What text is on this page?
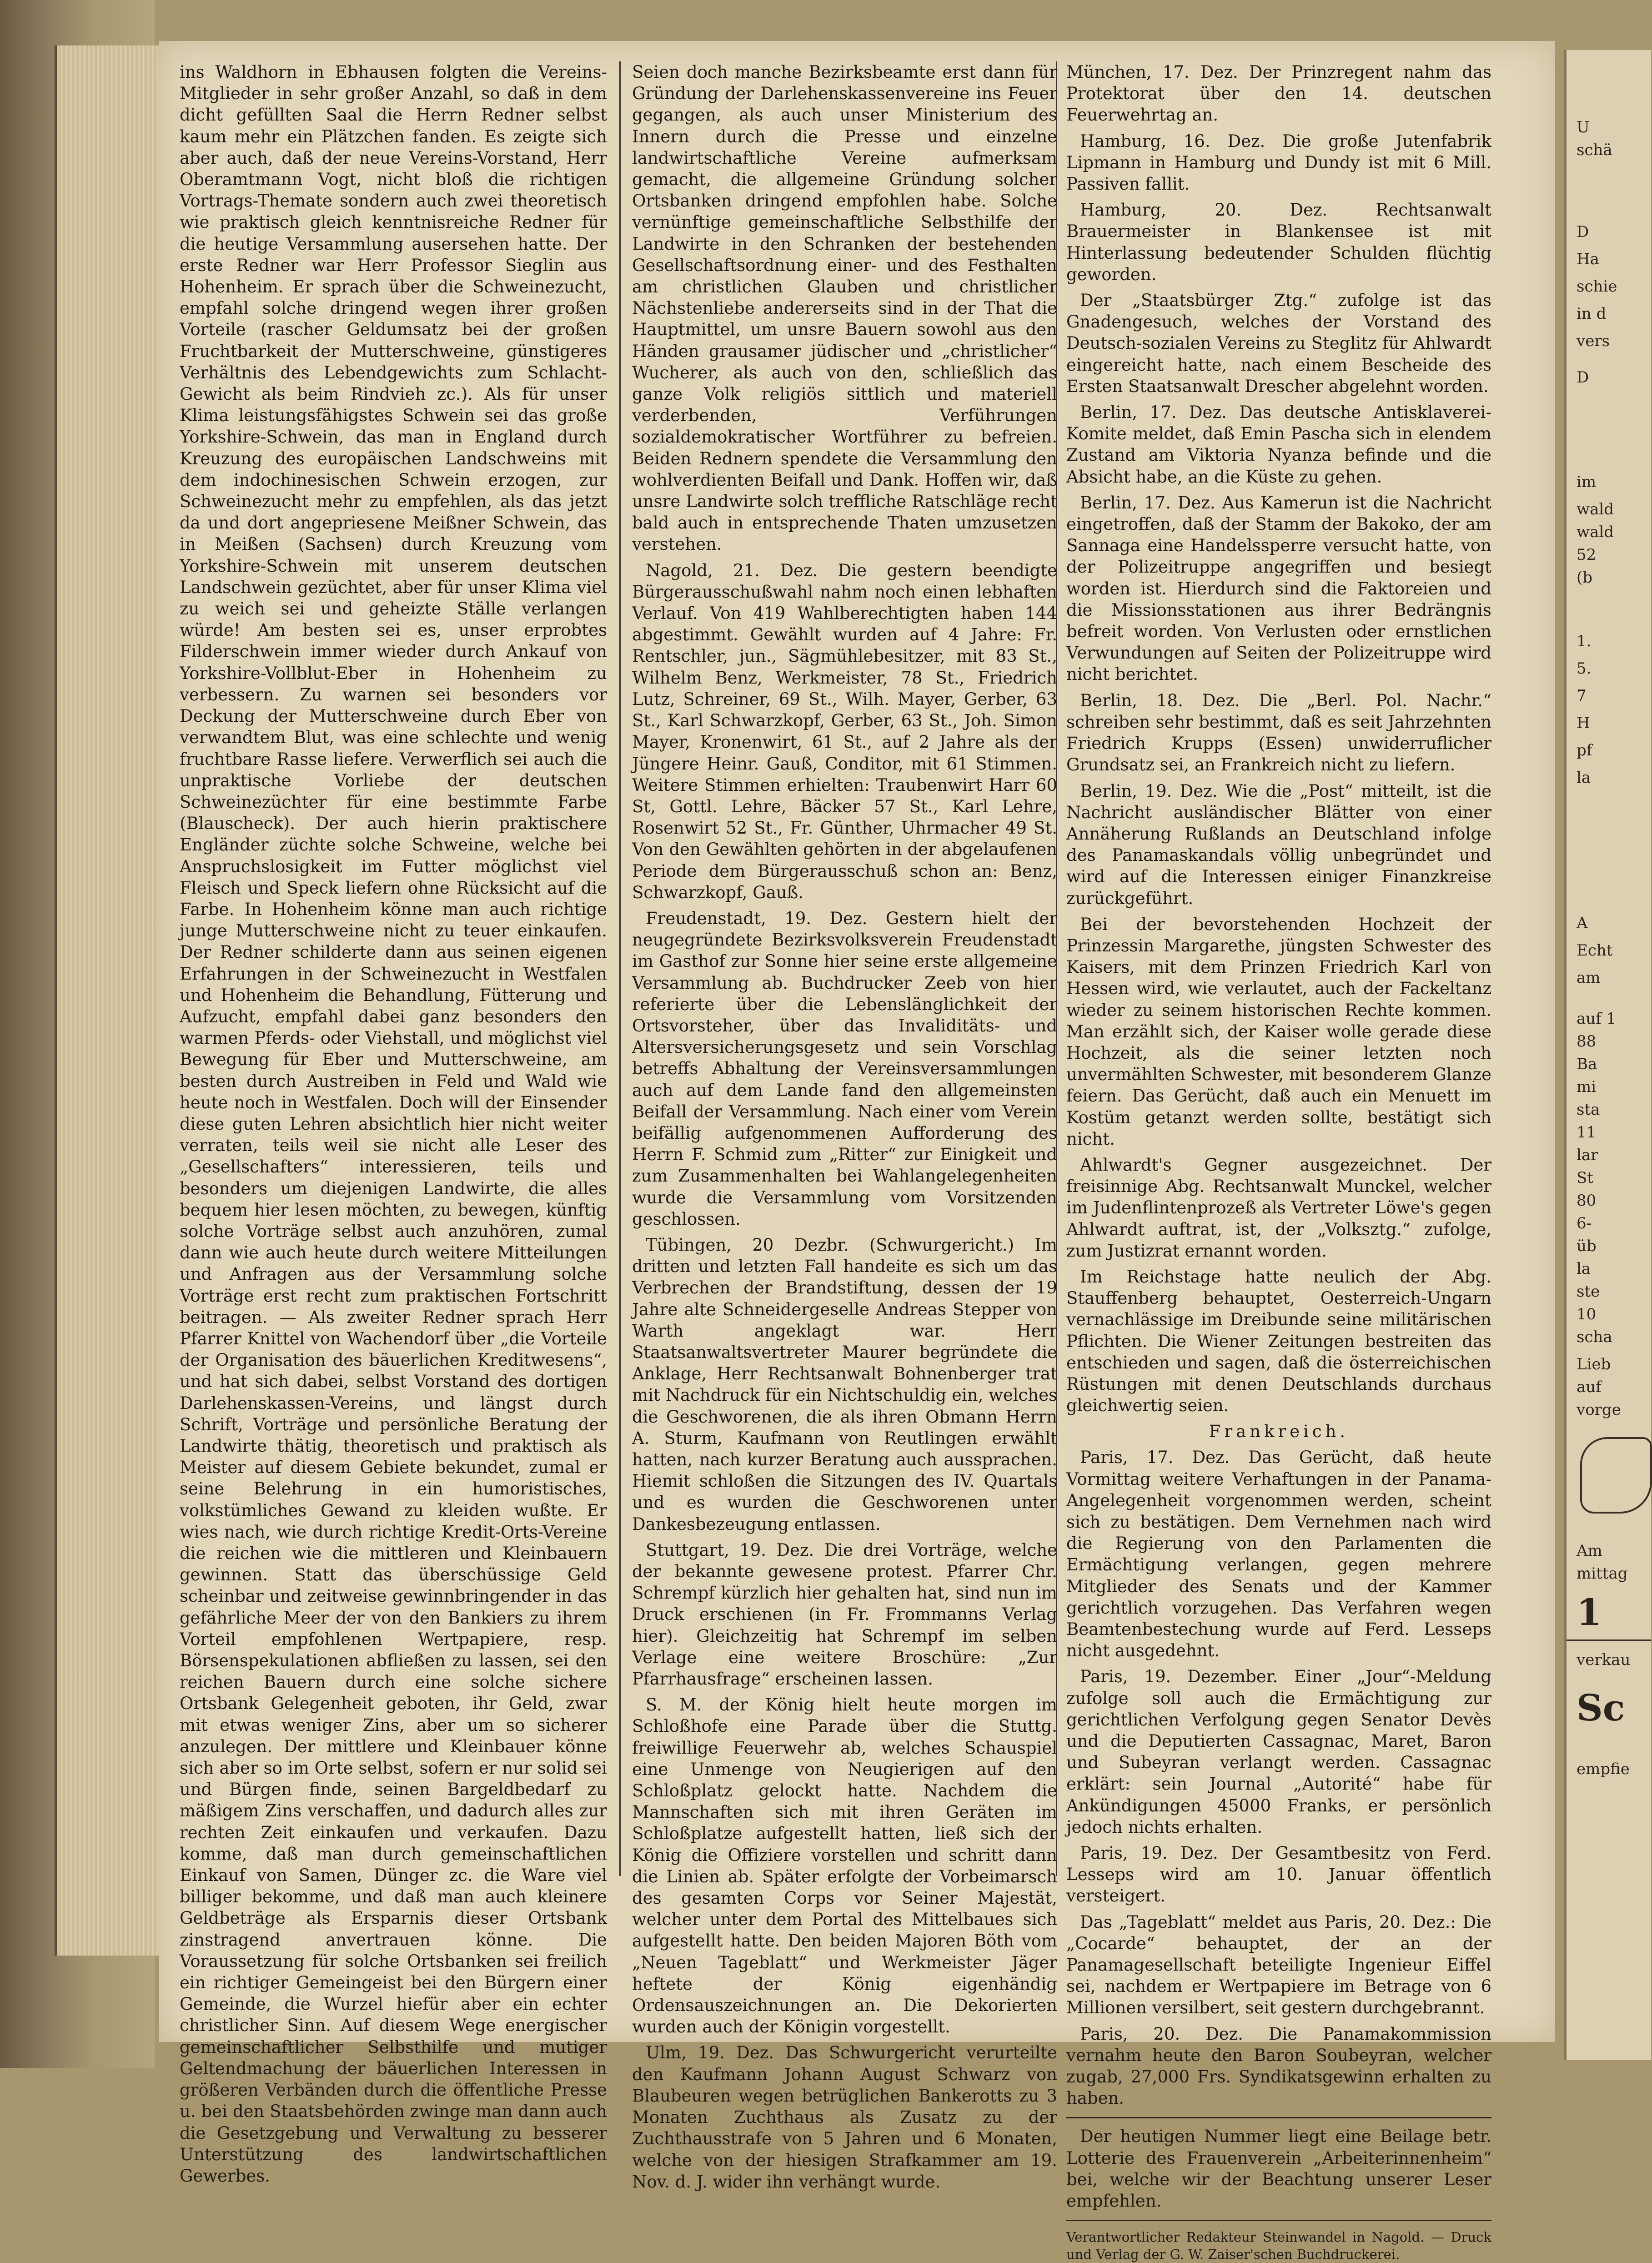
ins Waldhorn in Ebhausen folgten die Vereins-Mitglieder in sehr großer Anzahl, so daß in dem dicht gefüllten Saal die Herrn Redner selbst kaum mehr ein Plätzchen fanden. Es zeigte sich aber auch, daß der neue Vereins-Vorstand, Herr Oberamtmann Vogt, nicht bloß die richtigen Vortrags-Themate sondern auch zwei theoretisch wie praktisch gleich kenntnisreiche Redner für die heutige Versammlung ausersehen hatte. Der erste Redner war Herr Professor Sieglin aus Hohenheim. Er sprach über die Schweinezucht, empfahl solche dringend wegen ihrer großen Vorteile (rascher Geldumsatz bei der großen Fruchtbarkeit der Mutterschweine, günstigeres Verhältnis des Lebendgewichts zum Schlacht-Gewicht als beim Rindvieh zc.). Als für unser Klima leistungsfähigstes Schwein sei das große Yorkshire-Schwein, das man in England durch Kreuzung des europäischen Landschweins mit dem indochinesischen Schwein erzogen, zur Schweinezucht mehr zu empfehlen, als das jetzt da und dort angepriesene Meißner Schwein, das in Meißen (Sachsen) durch Kreuzung vom Yorkshire-Schwein mit unserem deutschen Landschwein gezüchtet, aber für unser Klima viel zu weich sei und geheizte Ställe verlangen würde! Am besten sei es, unser erprobtes Filderschwein immer wieder durch Ankauf von Yorkshire-Vollblut-Eber in Hohenheim zu verbessern. Zu warnen sei besonders vor Deckung der Mutterschweine durch Eber von verwandtem Blut, was eine schlechte und wenig fruchtbare Rasse liefere. Verwerflich sei auch die unpraktische Vorliebe der deutschen Schweinezüchter für eine bestimmte Farbe (Blauscheck). Der auch hierin praktischere Engländer züchte solche Schweine, welche bei Anspruchslosigkeit im Futter möglichst viel Fleisch und Speck liefern ohne Rücksicht auf die Farbe. In Hohenheim könne man auch richtige junge Mutterschweine nicht zu teuer einkaufen. Der Redner schilderte dann aus seinen eigenen Erfahrungen in der Schweinezucht in Westfalen und Hohenheim die Behandlung, Fütterung und Aufzucht, empfahl dabei ganz besonders den warmen Pferds- oder Viehstall, und möglichst viel Bewegung für Eber und Mutterschweine, am besten durch Austreiben in Feld und Wald wie heute noch in Westfalen. Doch will der Einsender diese guten Lehren absichtlich hier nicht weiter verraten, teils weil sie nicht alle Leser des „Gesellschafters“ interessieren, teils und besonders um diejenigen Landwirte, die alles bequem hier lesen möchten, zu bewegen, künftig solche Vorträge selbst auch anzuhören, zumal dann wie auch heute durch weitere Mitteilungen und Anfragen aus der Versammlung solche Vorträge erst recht zum praktischen Fortschritt beitragen. — Als zweiter Redner sprach Herr Pfarrer Knittel von Wachendorf über „die Vorteile der Organisation des bäuerlichen Kreditwesens“, und hat sich dabei, selbst Vorstand des dortigen Darlehenskassen-Vereins, und längst durch Schrift, Vorträge und persönliche Beratung der Landwirte thätig, theoretisch und praktisch als Meister auf diesem Gebiete bekundet, zumal er seine Belehrung in ein humoristisches, volkstümliches Gewand zu kleiden wußte. Er wies nach, wie durch richtige Kredit-Orts-Vereine die reichen wie die mittleren und Kleinbauern gewinnen. Statt das überschüssige Geld scheinbar und zeitweise gewinnbringender in das gefährliche Meer der von den Bankiers zu ihrem Vorteil empfohlenen Wertpapiere, resp. Börsenspekulationen abfließen zu lassen, sei den reichen Bauern durch eine solche sichere Ortsbank Gelegenheit geboten, ihr Geld, zwar mit etwas weniger Zins, aber um so sicherer anzulegen. Der mittlere und Kleinbauer könne sich aber so im Orte selbst, sofern er nur solid sei und Bürgen finde, seinen Bargeldbedarf zu mäßigem Zins verschaffen, und dadurch alles zur rechten Zeit einkaufen und verkaufen. Dazu komme, daß man durch gemeinschaftlichen Einkauf von Samen, Dünger zc. die Ware viel billiger bekomme, und daß man auch kleinere Geldbeträge als Ersparnis dieser Ortsbank zinstragend anvertrauen könne. Die Voraussetzung für solche Ortsbanken sei freilich ein richtiger Gemeingeist bei den Bürgern einer Gemeinde, die Wurzel hiefür aber ein echter christlicher Sinn. Auf diesem Wege energischer gemeinschaftlicher Selbsthilfe und mutiger Geltendmachung der bäuerlichen Interessen in größeren Verbänden durch die öffentliche Presse u. bei den Staatsbehörden zwinge man dann auch die Gesetzgebung und Verwaltung zu besserer Unterstützung des landwirtschaftlichen Gewerbes.

Seien doch manche Bezirksbeamte erst dann für Gründung der Darlehenskassenvereine ins Feuer gegangen, als auch unser Ministerium des Innern durch die Presse und einzelne landwirtschaftliche Vereine aufmerksam gemacht, die allgemeine Gründung solcher Ortsbanken dringend empfohlen habe. Solche vernünftige gemeinschaftliche Selbsthilfe der Landwirte in den Schranken der bestehenden Gesellschaftsordnung einer- und des Festhalten am christlichen Glauben und christlicher Nächstenliebe andererseits sind in der That die Hauptmittel, um unsre Bauern sowohl aus den Händen grausamer jüdischer und „christlicher“ Wucherer, als auch von den, schließlich das ganze Volk religiös sittlich und materiell verderbenden, Verführungen sozialdemokratischer Wortführer zu befreien. Beiden Rednern spendete die Versammlung den wohlverdienten Beifall und Dank. Hoffen wir, daß unsre Landwirte solch treffliche Ratschläge recht bald auch in entsprechende Thaten umzusetzen verstehen.

Nagold, 21. Dez. Die gestern beendigte Bürgerausschußwahl nahm noch einen lebhaften Verlauf. Von 419 Wahlberechtigten haben 144 abgestimmt. Gewählt wurden auf 4 Jahre: Fr. Rentschler, jun., Sägmühlebesitzer, mit 83 St., Wilhelm Benz, Werkmeister, 78 St., Friedrich Lutz, Schreiner, 69 St., Wilh. Mayer, Gerber, 63 St., Karl Schwarzkopf, Gerber, 63 St., Joh. Simon Mayer, Kronenwirt, 61 St., auf 2 Jahre als der Jüngere Heinr. Gauß, Conditor, mit 61 Stimmen. Weitere Stimmen erhielten: Traubenwirt Harr 60 St, Gottl. Lehre, Bäcker 57 St., Karl Lehre, Rosenwirt 52 St., Fr. Günther, Uhrmacher 49 St. Von den Gewählten gehörten in der abgelaufenen Periode dem Bürgerausschuß schon an: Benz, Schwarzkopf, Gauß.

Freudenstadt, 19. Dez. Gestern hielt der neugegründete Bezirksvolksverein Freudenstadt im Gasthof zur Sonne hier seine erste allgemeine Versammlung ab. Buchdrucker Zeeb von hier referierte über die Lebenslänglichkeit der Ortsvorsteher, über das Invaliditäts- und Altersversicherungsgesetz und sein Vorschlag betreffs Abhaltung der Vereinsversammlungen auch auf dem Lande fand den allgemeinsten Beifall der Versammlung. Nach einer vom Verein beifällig aufgenommenen Aufforderung des Herrn F. Schmid zum „Ritter“ zur Einigkeit und zum Zusammenhalten bei Wahlangelegenheiten wurde die Versammlung vom Vorsitzenden geschlossen.

Tübingen, 20 Dezbr. (Schwurgericht.) Im dritten und letzten Fall handeite es sich um das Verbrechen der Brandstiftung, dessen der 19 Jahre alte Schneidergeselle Andreas Stepper von Warth angeklagt war. Herr Staatsanwaltsvertreter Maurer begründete die Anklage, Herr Rechtsanwalt Bohnenberger trat mit Nachdruck für ein Nichtschuldig ein, welches die Geschworenen, die als ihren Obmann Herrn A. Sturm, Kaufmann von Reutlingen erwählt hatten, nach kurzer Beratung auch aussprachen. Hiemit schloßen die Sitzungen des IV. Quartals und es wurden die Geschworenen unter Dankesbezeugung entlassen.

Stuttgart, 19. Dez. Die drei Vorträge, welche der bekannte gewesene protest. Pfarrer Chr. Schrempf kürzlich hier gehalten hat, sind nun im Druck erschienen (in Fr. Frommanns Verlag hier). Gleichzeitig hat Schrempf im selben Verlage eine weitere Broschüre: „Zur Pfarrhausfrage“ erscheinen lassen.

S. M. der König hielt heute morgen im Schloßhofe eine Parade über die Stuttg. freiwillige Feuerwehr ab, welches Schauspiel eine Unmenge von Neugierigen auf den Schloßplatz gelockt hatte. Nachdem die Mannschaften sich mit ihren Geräten im Schloßplatze aufgestellt hatten, ließ sich der König die Offiziere vorstellen und schritt dann die Linien ab. Später erfolgte der Vorbeimarsch des gesamten Corps vor Seiner Majestät, welcher unter dem Portal des Mittelbaues sich aufgestellt hatte. Den beiden Majoren Böth vom „Neuen Tageblatt“ und Werkmeister Jäger heftete der König eigenhändig Ordensauszeichnungen an. Die Dekorierten wurden auch der Königin vorgestellt.

Ulm, 19. Dez. Das Schwurgericht verurteilte den Kaufmann Johann August Schwarz von Blaubeuren wegen betrüglichen Bankerotts zu 3 Monaten Zuchthaus als Zusatz zu der Zuchthausstrafe von 5 Jahren und 6 Monaten, welche von der hiesigen Strafkammer am 19. Nov. d. J. wider ihn verhängt wurde.

München, 17. Dez. Der Prinzregent nahm das Protektorat über den 14. deutschen Feuerwehrtag an.

Hamburg, 16. Dez. Die große Jutenfabrik Lipmann in Hamburg und Dundy ist mit 6 Mill. Passiven fallit.

Hamburg, 20. Dez. Rechtsanwalt Brauermeister in Blankensee ist mit Hinterlassung bedeutender Schulden flüchtig geworden.

Der „Staatsbürger Ztg.“ zufolge ist das Gnadengesuch, welches der Vorstand des Deutsch-sozialen Vereins zu Steglitz für Ahlwardt eingereicht hatte, nach einem Bescheide des Ersten Staatsanwalt Drescher abgelehnt worden.

Berlin, 17. Dez. Das deutsche Antisklaverei-Komite meldet, daß Emin Pascha sich in elendem Zustand am Viktoria Nyanza befinde und die Absicht habe, an die Küste zu gehen.

Berlin, 17. Dez. Aus Kamerun ist die Nachricht eingetroffen, daß der Stamm der Bakoko, der am Sannaga eine Handelssperre versucht hatte, von der Polizeitruppe angegriffen und besiegt worden ist. Hierdurch sind die Faktoreien und die Missionsstationen aus ihrer Bedrängnis befreit worden. Von Verlusten oder ernstlichen Verwundungen auf Seiten der Polizeitruppe wird nicht berichtet.

Berlin, 18. Dez. Die „Berl. Pol. Nachr.“ schreiben sehr bestimmt, daß es seit Jahrzehnten Friedrich Krupps (Essen) unwiderruflicher Grundsatz sei, an Frankreich nicht zu liefern.

Berlin, 19. Dez. Wie die „Post“ mitteilt, ist die Nachricht ausländischer Blätter von einer Annäherung Rußlands an Deutschland infolge des Panamaskandals völlig unbegründet und wird auf die Interessen einiger Finanzkreise zurückgeführt.

Bei der bevorstehenden Hochzeit der Prinzessin Margarethe, jüngsten Schwester des Kaisers, mit dem Prinzen Friedrich Karl von Hessen wird, wie verlautet, auch der Fackeltanz wieder zu seinem historischen Rechte kommen. Man erzählt sich, der Kaiser wolle gerade diese Hochzeit, als die seiner letzten noch unvermählten Schwester, mit besonderem Glanze feiern. Das Gerücht, daß auch ein Menuett im Kostüm getanzt werden sollte, bestätigt sich nicht.

Ahlwardt's Gegner ausgezeichnet. Der freisinnige Abg. Rechtsanwalt Munckel, welcher im Judenflintenprozeß als Vertreter Löwe's gegen Ahlwardt auftrat, ist, der „Volksztg.“ zufolge, zum Justizrat ernannt worden.

Im Reichstage hatte neulich der Abg. Stauffenberg behauptet, Oesterreich-Ungarn vernachlässige im Dreibunde seine militärischen Pflichten. Die Wiener Zeitungen bestreiten das entschieden und sagen, daß die österreichischen Rüstungen mit denen Deutschlands durchaus gleichwertig seien.

Frankreich.

Paris, 17. Dez. Das Gerücht, daß heute Vormittag weitere Verhaftungen in der Panama-Angelegenheit vorgenommen werden, scheint sich zu bestätigen. Dem Vernehmen nach wird die Regierung von den Parlamenten die Ermächtigung verlangen, gegen mehrere Mitglieder des Senats und der Kammer gerichtlich vorzugehen. Das Verfahren wegen Beamtenbestechung wurde auf Ferd. Lesseps nicht ausgedehnt.

Paris, 19. Dezember. Einer „Jour“-Meldung zufolge soll auch die Ermächtigung zur gerichtlichen Verfolgung gegen Senator Devès und die Deputierten Cassagnac, Maret, Baron und Subeyran verlangt werden. Cassagnac erklärt: sein Journal „Autorité“ habe für Ankündigungen 45000 Franks, er persönlich jedoch nichts erhalten.

Paris, 19. Dez. Der Gesamtbesitz von Ferd. Lesseps wird am 10. Januar öffentlich versteigert.

Das „Tageblatt“ meldet aus Paris, 20. Dez.: Die „Cocarde“ behauptet, der an der Panamagesellschaft beteiligte Ingenieur Eiffel sei, nachdem er Wertpapiere im Betrage von 6 Millionen versilbert, seit gestern durchgebrannt.

Paris, 20. Dez. Die Panamakommission vernahm heute den Baron Soubeyran, welcher zugab, 27,000 Frs. Syndikatsgewinn erhalten zu haben.

Der heutigen Nummer liegt eine Beilage betr. Lotterie des Frauenverein „Arbeiterinnenheim“ bei, welche wir der Beachtung unserer Leser empfehlen.

Verantwortlicher Redakteur Steinwandel in Nagold. — Druck und Verlag der G. W. Zaiser'schen Buchdruckerei.

U
schä
D
Ha
schie
in d
vers
D
im
wald
wald
52
(b
1.
5.
7
H
pf
la
A
Echt
am
auf 1
88
Ba
mi
sta
11
lar
St
80
6-
üb
la
ste
10
scha
Lieb
auf
vorge
Am
mittag
1
verkau
Sc
empfie
